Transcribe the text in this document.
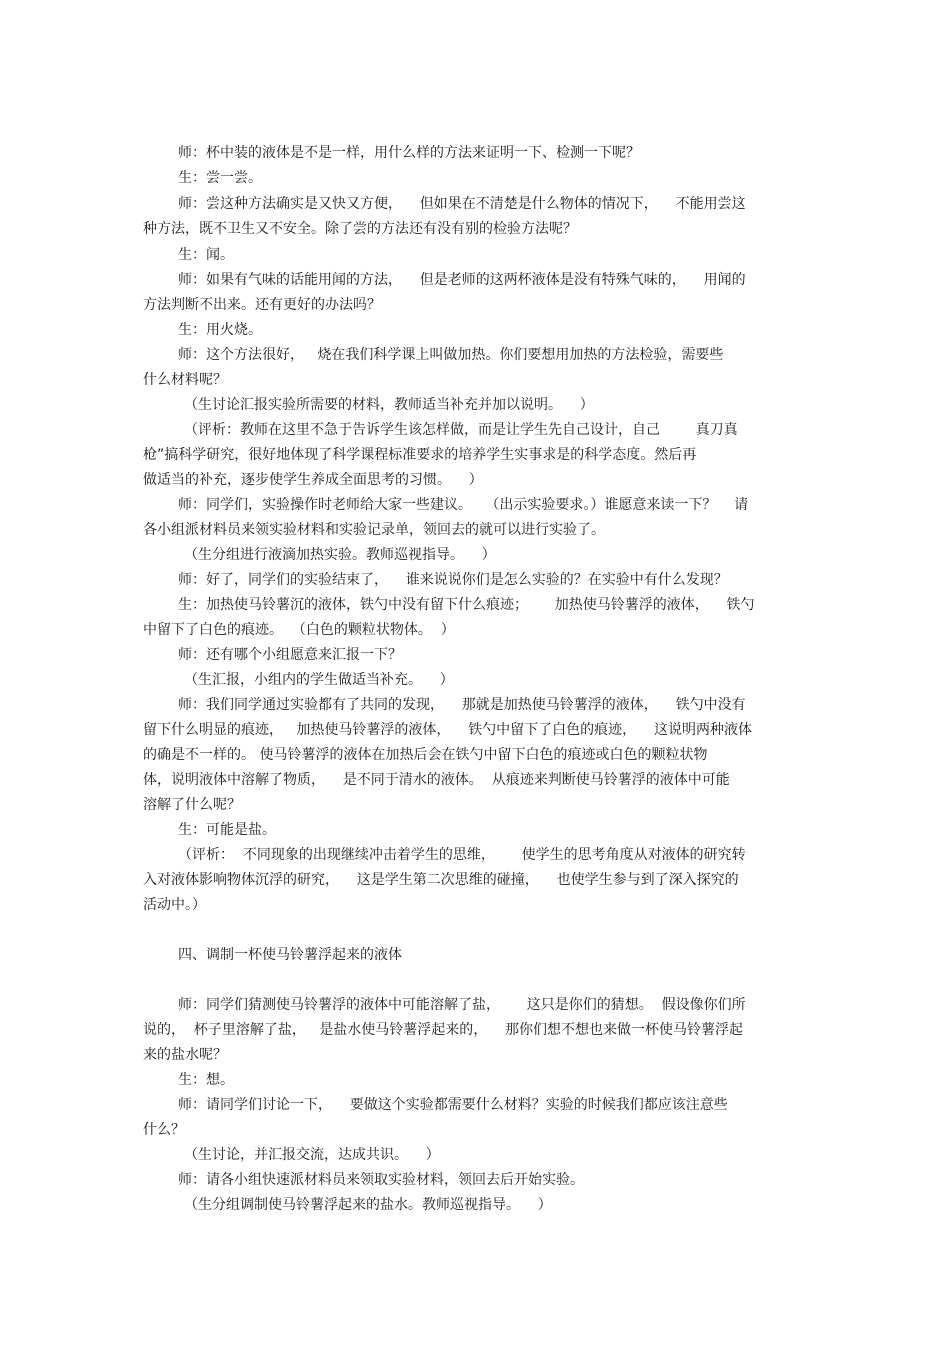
师：杯中装的液体是不是一样，用什么样的方法来证明一下、检测一下呢？
生：尝一尝。
师：尝这种方法确实是又快又方便，    但如果在不清楚是什么物体的情况下，    不能用尝这
种方法，既不卫生又不安全。除了尝的方法还有没有别的检验方法呢？
生：闻。
师：如果有气味的话能用闻的方法，    但是老师的这两杯液体是没有特殊气味的，    用闻的
方法判断不出来。还有更好的办法吗？
生：用火烧。
师：这个方法很好，   烧在我们科学课上叫做加热。你们要想用加热的方法检验，需要些
什么材料呢？
（生讨论汇报实验所需要的材料，教师适当补充并加以说明。    ）
（评析：教师在这里不急于告诉学生该怎样做，而是让学生先自己设计，自己        真刀真
枪”搞科学研究，很好地体现了科学课程标准要求的培养学生实事求是的科学态度。然后再
做适当的补充，逐步使学生养成全面思考的习惯。    ）
师：同学们，实验操作时老师给大家一些建议。   （出示实验要求。）谁愿意来读一下？    请
各小组派材料员来领实验材料和实验记录单，领回去的就可以进行实验了。
（生分组进行液滴加热实验。教师巡视指导。    ）
师：好了，同学们的实验结束了，    谁来说说你们是怎么实验的？在实验中有什么发现？
生：加热使马铃薯沉的液体，铁勺中没有留下什么痕迹；      加热使马铃薯浮的液体，    铁勺
中留下了白色的痕迹。  （白色的颗粒状物体。  ）
师：还有哪个小组愿意来汇报一下？
（生汇报，小组内的学生做适当补充。    ）
师：我们同学通过实验都有了共同的发现，    那就是加热使马铃薯浮的液体，    铁勺中没有
留下什么明显的痕迹，   加热使马铃薯浮的液体，    铁勺中留下了白色的痕迹，    这说明两种液体
的确是不一样的。 使马铃薯浮的液体在加热后会在铁勺中留下白色的痕迹或白色的颗粒状物
体，说明液体中溶解了物质，    是不同于清水的液体。  从痕迹来判断使马铃薯浮的液体中可能
溶解了什么呢？
生：可能是盐。
（评析：  不同现象的出现继续冲击着学生的思维，      使学生的思考角度从对液体的研究转
入对液体影响物体沉浮的研究，    这是学生第二次思维的碰撞，    也使学生参与到了深入探究的
活动中。）
四、调制一杯使马铃薯浮起来的液体
师：同学们猜测使马铃薯浮的液体中可能溶解了盐，      这只是你们的猜想。  假设像你们所
说的，  杯子里溶解了盐，   是盐水使马铃薯浮起来的，    那你们想不想也来做一杯使马铃薯浮起
来的盐水呢？
生：想。
师：请同学们讨论一下，    要做这个实验都需要什么材料？实验的时候我们都应该注意些
什么？
（生讨论，并汇报交流，达成共识。    ）
师：请各小组快速派材料员来领取实验材料，领回去后开始实验。
（生分组调制使马铃薯浮起来的盐水。教师巡视指导。    ）
